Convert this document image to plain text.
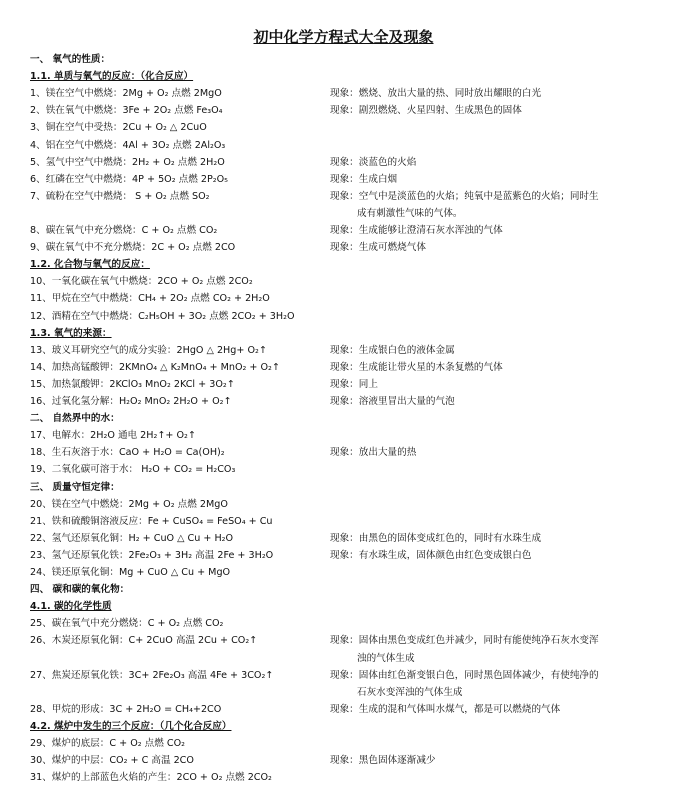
初中化学方程式大全及现象
一、 氧气的性质：
1.1. 单质与氧气的反应：（化合反应）
1、镁在空气中燃烧：2Mg + O₂ 点燃 2MgO	现象：燃烧、放出大量的热、同时放出耀眼的白光
2、铁在氧气中燃烧：3Fe + 2O₂ 点燃 Fe₃O₄	现象：剧烈燃烧、火星四射、生成黑色的固体
3、铜在空气中受热：2Cu + O₂ △ 2CuO
4、铝在空气中燃烧：4Al + 3O₂ 点燃 2Al₂O₃
5、氢气中空气中燃烧：2H₂ + O₂ 点燃 2H₂O	现象：淡蓝色的火焰
6、红磷在空气中燃烧：4P + 5O₂ 点燃 2P₂O₅	现象：生成白烟
7、硫粉在空气中燃烧： S + O₂ 点燃 SO₂	现象：空气中是淡蓝色的火焰；纯氧中是蓝紫色的火焰；同时生
成有刺激性气味的气体。
8、碳在氧气中充分燃烧：C + O₂ 点燃 CO₂	现象：生成能够让澄清石灰水浑浊的气体
9、碳在氧气中不充分燃烧：2C + O₂ 点燃 2CO	现象：生成可燃烧气体
1.2. 化合物与氧气的反应：
10、一氧化碳在氧气中燃烧：2CO + O₂ 点燃 2CO₂
11、甲烷在空气中燃烧：CH₄ + 2O₂ 点燃 CO₂ + 2H₂O
12、酒精在空气中燃烧：C₂H₅OH + 3O₂ 点燃 2CO₂ + 3H₂O
1.3. 氧气的来源：
13、玻义耳研究空气的成分实验：2HgO △ 2Hg+ O₂↑	现象：生成银白色的液体金属
14、加热高锰酸钾：2KMnO₄ △ K₂MnO₄ + MnO₂ + O₂↑	现象：生成能让带火星的木条复燃的气体
15、加热氯酸钾：2KClO₃ MnO₂ 2KCl + 3O₂↑	现象：同上
16、过氧化氢分解：H₂O₂ MnO₂ 2H₂O + O₂↑	现象：溶液里冒出大量的气泡
二、 自然界中的水：
17、电解水：2H₂O 通电 2H₂↑+ O₂↑
18、生石灰溶于水：CaO + H₂O = Ca(OH)₂	现象：放出大量的热
19、二氧化碳可溶于水： H₂O + CO₂ = H₂CO₃
三、 质量守恒定律：
20、镁在空气中燃烧：2Mg + O₂ 点燃 2MgO
21、铁和硫酸铜溶液反应：Fe + CuSO₄ = FeSO₄ + Cu
22、氢气还原氧化铜：H₂ + CuO △ Cu + H₂O	现象：由黑色的固体变成红色的，同时有水珠生成
23、氢气还原氧化铁：2Fe₂O₃ + 3H₂ 高温 2Fe + 3H₂O	现象：有水珠生成，固体颜色由红色变成银白色
24、镁还原氧化铜：Mg + CuO △ Cu + MgO
四、 碳和碳的氧化物：
4.1. 碳的化学性质
25、碳在氧气中充分燃烧：C + O₂ 点燃 CO₂
26、木炭还原氧化铜：C+ 2CuO 高温 2Cu + CO₂↑	现象：固体由黑色变成红色并减少，同时有能使纯净石灰水变浑
浊的气体生成
27、焦炭还原氧化铁：3C+ 2Fe₂O₃ 高温 4Fe + 3CO₂↑	现象：固体由红色渐变银白色，同时黑色固体减少，有使纯净的
石灰水变浑浊的气体生成
28、甲烷的形成：3C + 2H₂O = CH₄+2CO	现象：生成的混和气体叫水煤气，都是可以燃烧的气体
4.2. 煤炉中发生的三个反应：（几个化合反应）
29、煤炉的底层：C + O₂ 点燃 CO₂
30、煤炉的中层：CO₂ + C 高温 2CO	现象：黑色固体逐渐减少
31、煤炉的上部蓝色火焰的产生：2CO + O₂ 点燃 2CO₂
